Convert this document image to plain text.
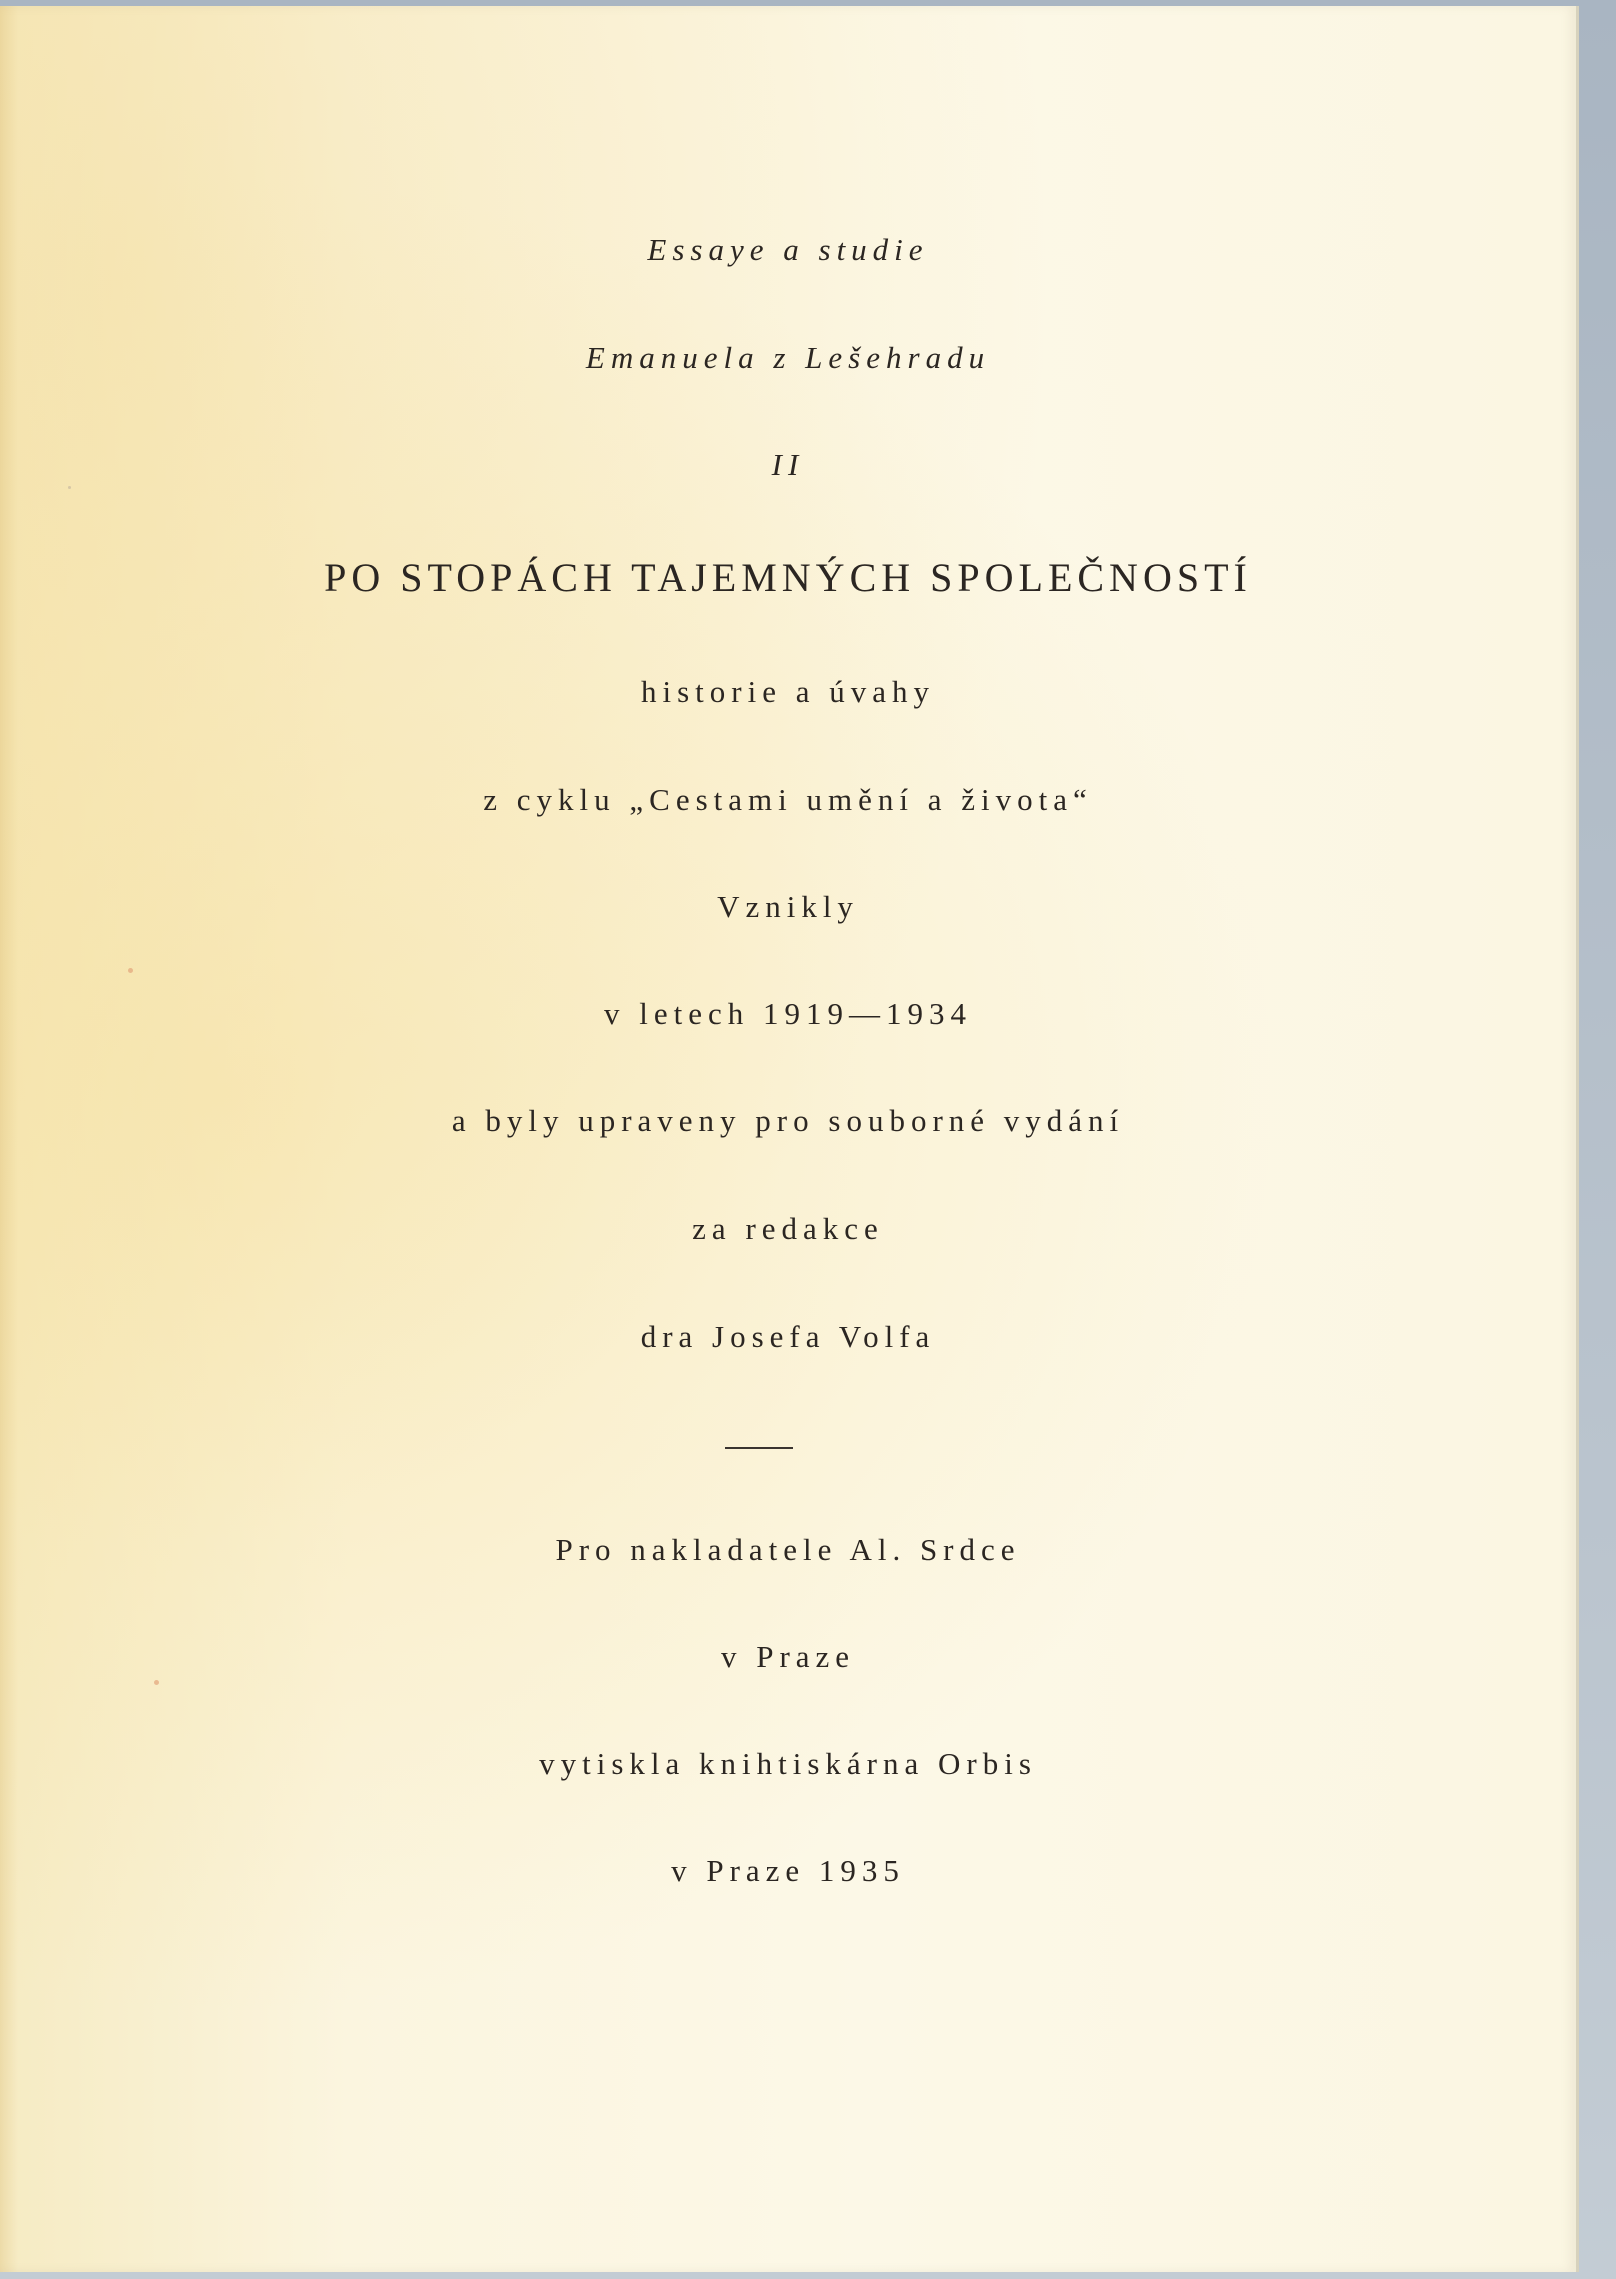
Essaye a studie

Emanuela z Lešehradu

II

PO STOPÁCH TAJEMNÝCH SPOLEČNOSTÍ

historie a úvahy

z cyklu „Cestami umění a života“

Vznikly

v letech 1919—1934

a byly upraveny pro souborné vydání

za redakce

dra Josefa Volfa

Pro nakladatele Al. Srdce

v Praze

vytiskla knihtiskárna Orbis

v Praze 1935
